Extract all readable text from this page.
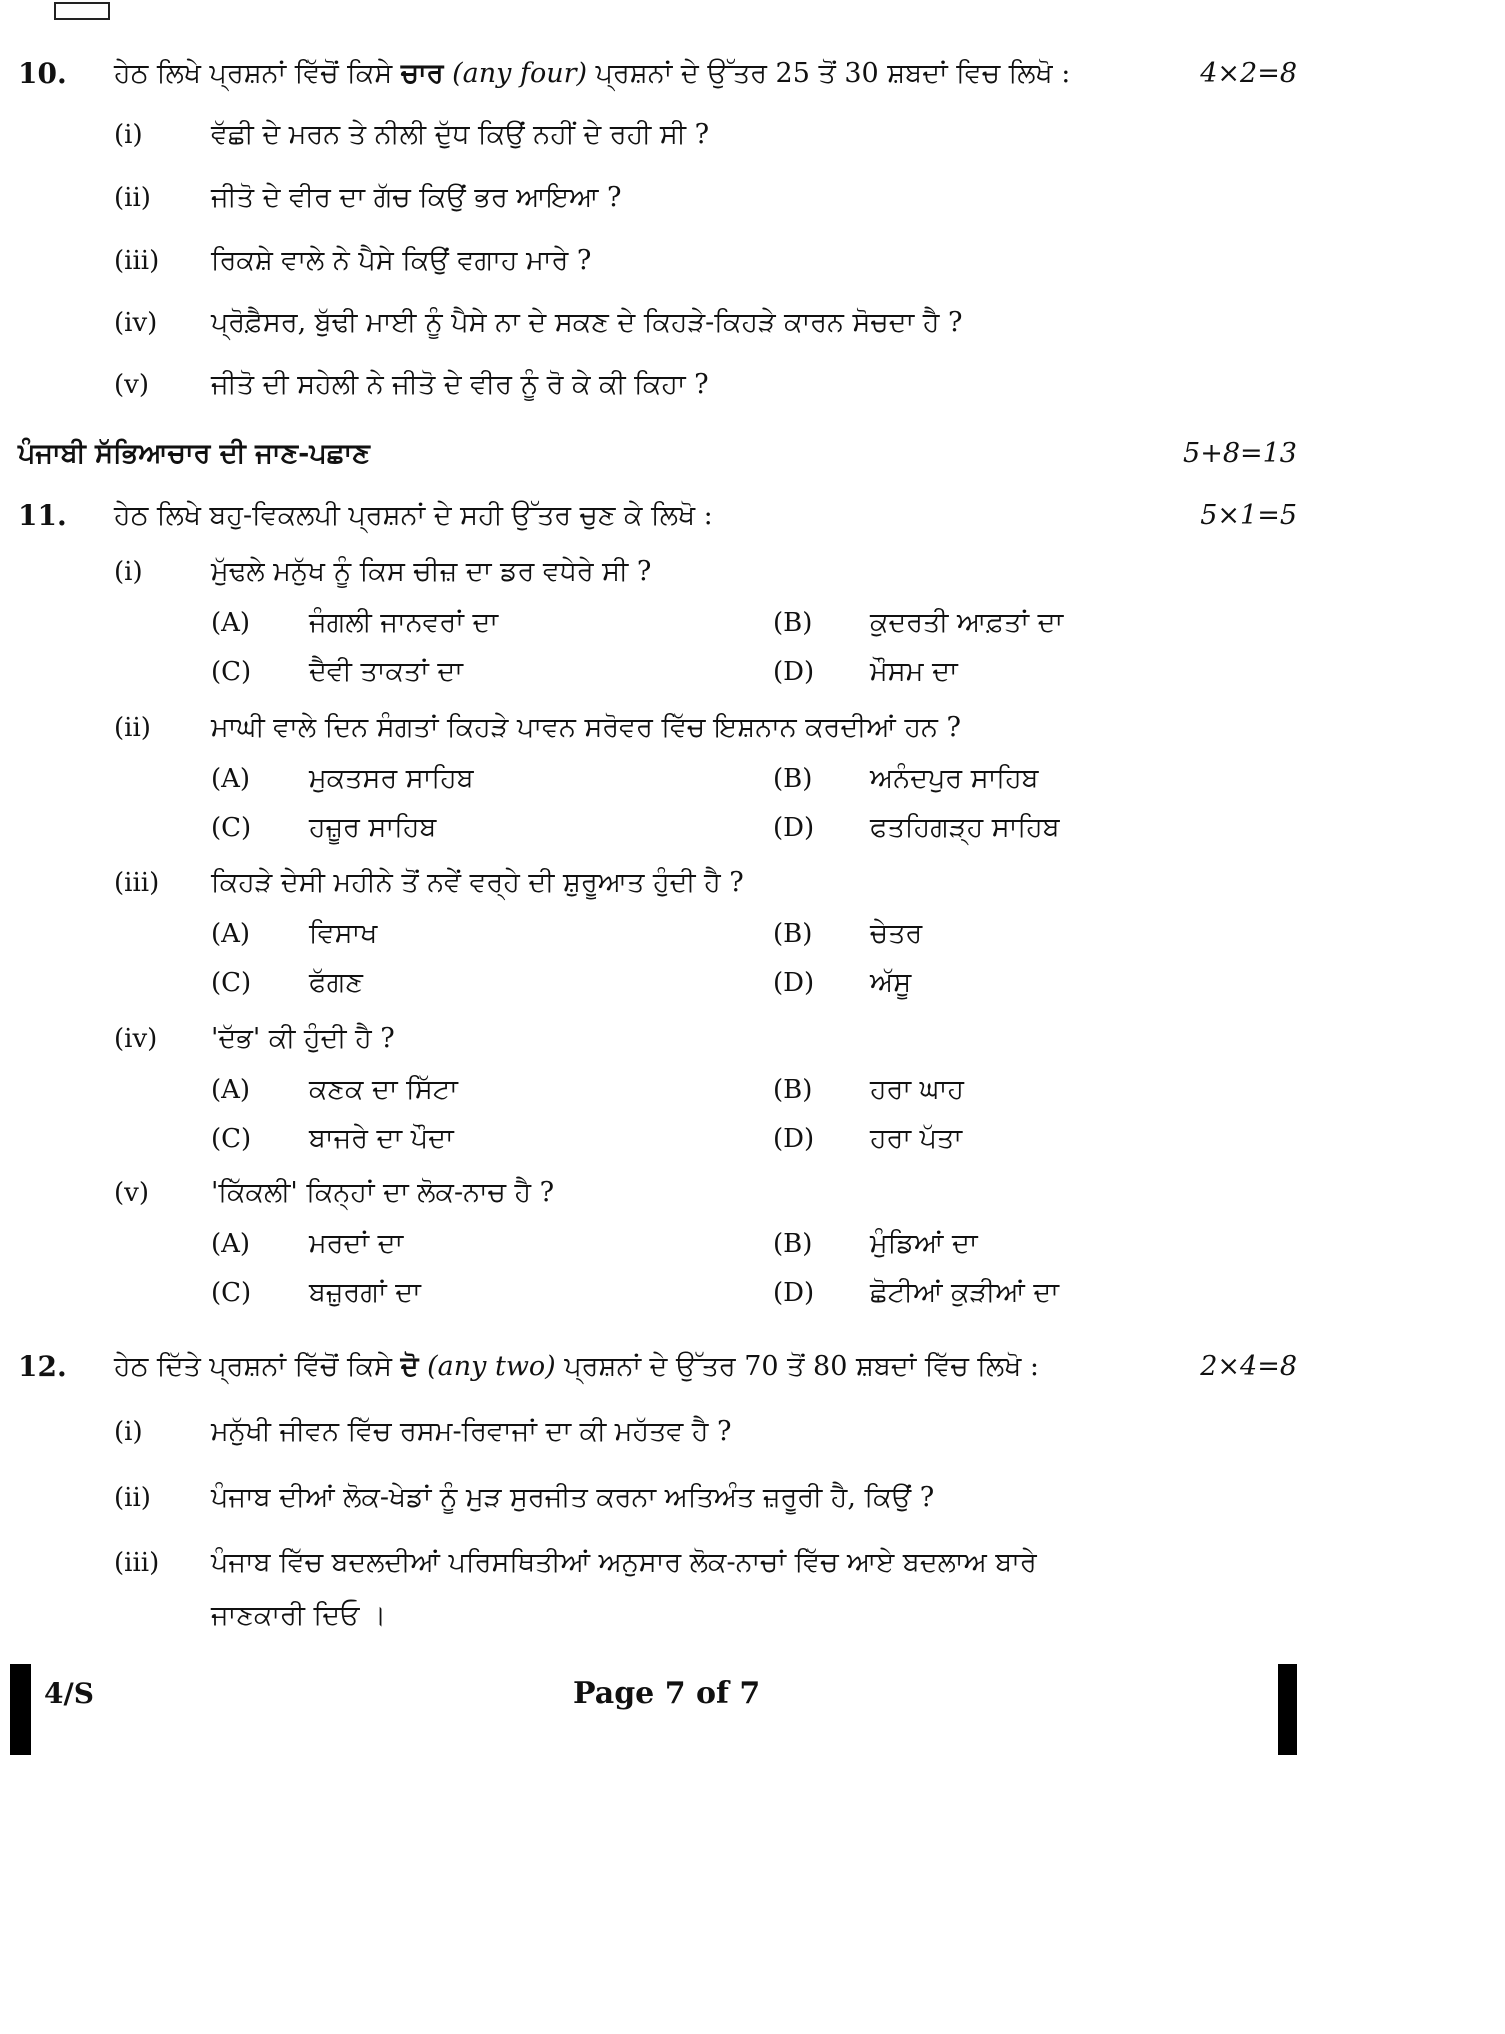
10. ਹੇਠ ਲਿਖੇ ਪ੍ਰਸ਼ਨਾਂ ਵਿੱਚੋਂ ਕਿਸੇ ਚਾਰ (any four) ਪ੍ਰਸ਼ਨਾਂ ਦੇ ਉੱਤਰ 25 ਤੋਂ 30 ਸ਼ਬਦਾਂ ਵਿਚ ਲਿਖੋ :	4×2=8
(i)	ਵੱਛੀ ਦੇ ਮਰਨ ਤੇ ਨੀਲੀ ਦੁੱਧ ਕਿਉਂ ਨਹੀਂ ਦੇ ਰਹੀ ਸੀ ?
(ii) ਜੀਤੋ ਦੇ ਵੀਰ ਦਾ ਗੱਚ ਕਿਉਂ ਭਰ ਆਇਆ ?
(iii) ਰਿਕਸ਼ੇ ਵਾਲੇ ਨੇ ਪੈਸੇ ਕਿਉਂ ਵਗਾਹ ਮਾਰੇ ?
(iv) ਪ੍ਰੋਫ਼ੈਸਰ, ਬੁੱਢੀ ਮਾਈ ਨੂੰ ਪੈਸੇ ਨਾ ਦੇ ਸਕਣ ਦੇ ਕਿਹੜੇ-ਕਿਹੜੇ ਕਾਰਨ ਸੋਚਦਾ ਹੈ ?
(v) ਜੀਤੋ ਦੀ ਸਹੇਲੀ ਨੇ ਜੀਤੋ ਦੇ ਵੀਰ ਨੂੰ ਰੋ ਕੇ ਕੀ ਕਿਹਾ ?
ਪੰਜਾਬੀ ਸੱਭਿਆਚਾਰ ਦੀ ਜਾਣ-ਪਛਾਣ	5+8=13
11. ਹੇਠ ਲਿਖੇ ਬਹੁ-ਵਿਕਲਪੀ ਪ੍ਰਸ਼ਨਾਂ ਦੇ ਸਹੀ ਉੱਤਰ ਚੁਣ ਕੇ ਲਿਖੋ :	5×1=5
(i)	ਮੁੱਢਲੇ ਮਨੁੱਖ ਨੂੰ ਕਿਸ ਚੀਜ਼ ਦਾ ਡਰ ਵਧੇਰੇ ਸੀ ?
(A) ਜੰਗਲੀ ਜਾਨਵਰਾਂ ਦਾ	(B) ਕੁਦਰਤੀ ਆਫ਼ਤਾਂ ਦਾ
(C) ਦੈਵੀ ਤਾਕਤਾਂ ਦਾ	(D) ਮੌਸਮ ਦਾ
(ii) ਮਾਘੀ ਵਾਲੇ ਦਿਨ ਸੰਗਤਾਂ ਕਿਹੜੇ ਪਾਵਨ ਸਰੋਵਰ ਵਿੱਚ ਇਸ਼ਨਾਨ ਕਰਦੀਆਂ ਹਨ ?
(A) ਮੁਕਤਸਰ ਸਾਹਿਬ	(B) ਅਨੰਦਪੁਰ ਸਾਹਿਬ
(C) ਹਜ਼ੂਰ ਸਾਹਿਬ	(D) ਫਤਹਿਗੜ੍ਹ ਸਾਹਿਬ
(iii) ਕਿਹੜੇ ਦੇਸੀ ਮਹੀਨੇ ਤੋਂ ਨਵੇਂ ਵਰ੍ਹੇ ਦੀ ਸ਼ੁਰੂਆਤ ਹੁੰਦੀ ਹੈ ?
(A) ਵਿਸਾਖ	(B) ਚੇਤਰ
(C) ਫੱਗਣ	(D) ਅੱਸੂ
(iv) 'ਦੱਭ' ਕੀ ਹੁੰਦੀ ਹੈ ?
(A) ਕਣਕ ਦਾ ਸਿੱਟਾ	(B) ਹਰਾ ਘਾਹ
(C) ਬਾਜਰੇ ਦਾ ਪੌਦਾ	(D) ਹਰਾ ਪੱਤਾ
(v) 'ਕਿੱਕਲੀ' ਕਿਨ੍ਹਾਂ ਦਾ ਲੋਕ-ਨਾਚ ਹੈ ?
(A) ਮਰਦਾਂ ਦਾ	(B) ਮੁੰਡਿਆਂ ਦਾ
(C) ਬਜ਼ੁਰਗਾਂ ਦਾ	(D) ਛੋਟੀਆਂ ਕੁੜੀਆਂ ਦਾ
12. ਹੇਠ ਦਿੱਤੇ ਪ੍ਰਸ਼ਨਾਂ ਵਿੱਚੋਂ ਕਿਸੇ ਦੋ (any two) ਪ੍ਰਸ਼ਨਾਂ ਦੇ ਉੱਤਰ 70 ਤੋਂ 80 ਸ਼ਬਦਾਂ ਵਿੱਚ ਲਿਖੋ :	2×4=8
(i)	ਮਨੁੱਖੀ ਜੀਵਨ ਵਿੱਚ ਰਸਮ-ਰਿਵਾਜਾਂ ਦਾ ਕੀ ਮਹੱਤਵ ਹੈ ?
(ii) ਪੰਜਾਬ ਦੀਆਂ ਲੋਕ-ਖੇਡਾਂ ਨੂੰ ਮੁੜ ਸੁਰਜੀਤ ਕਰਨਾ ਅਤਿਅੰਤ ਜ਼ਰੂਰੀ ਹੈ, ਕਿਉਂ ?
(iii) ਪੰਜਾਬ ਵਿੱਚ ਬਦਲਦੀਆਂ ਪਰਿਸਥਿਤੀਆਂ ਅਨੁਸਾਰ ਲੋਕ-ਨਾਚਾਂ ਵਿੱਚ ਆਏ ਬਦਲਾਅ ਬਾਰੇ
ਜਾਣਕਾਰੀ ਦਿਓ ।
4/S	Page 7 of 7
